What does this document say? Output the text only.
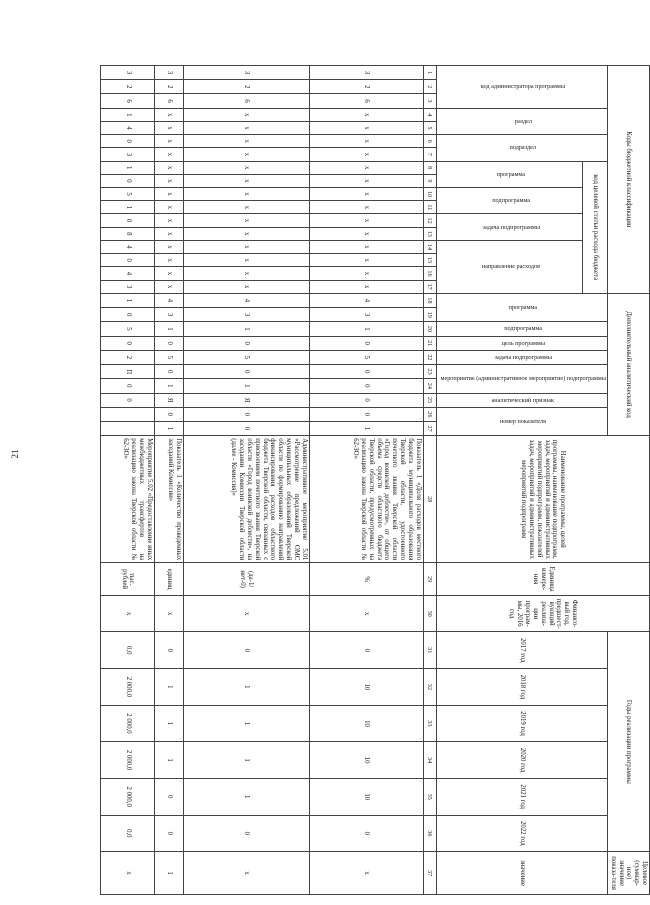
21
Коды бюджетной классификации																	Дополнительный аналитический код										Наименование программы, целей программы, наименование подпрограмм, задач, мероприятий и административных мероприятий подпрограмм, показателей задач, мероприятий и административных мероприятий подпрограмм	Единица измере-ния	Финансо-вый год, предшест-вующий реализа-ции програм-мы, 2016 год	Годы реализации программы						Целевое (суммар-ное) значение показа-теля
код администратора программы			раздел		подраздел		код целевой статьи расхода бюджета										программа		подпрограмма	цель программы	задача подпрограммы	мероприятие (административное мероприятие) подпрограммы		аналитический признак	номер показателя					2017 год	2018 год	2019 год	2020 год	2021 год	2022 год	значение
							программа		подпрограмма		задача подпрограммы		направление расходов																							
1	2	3	4	5	6	7	8	9	10	11	12	13	14	15	16	17	18	19	20	21	22	23	24	25	26	27	28	29	30	31	32	33	34	35	36	37
3	2	6	x	x	x	x	x	x	x	x	x	x	x	x	x	x	4	3	1	0	5	0	0	0	0	1	Показатель 1 «Доля расходов местного бюджета муниципального образования Тверской области, удостоенного почетного звания Тверской области «Город воинской доблести», от общего объема средств областного бюджета Тверской области, предусмотренных на реализацию закона Тверской области № 62-ЗО»	%	x	0	10	10	10	10	0	x
3	2	6	x	x	x	x	x	x	x	x	x	x	x	x	x	x	4	3	1	0	5	0	1	Я	0	0	Административное мероприятие 5.01 «Рассмотрение предложений ОМС муниципальных образований Тверской области по формированию направлений финансирования расходов областного бюджета Тверской области, связанных с присвоением почетного звания Тверской области «Город воинской доблести», на заседании Комиссии Тверской области (далее - Комиссия)»	(да-1/ нет-0)	x	0	1	1	1	1	0	x
3	2	6	x	x	x	x	x	x	x	x	x	x	x	x	x	x	4	3	1	0	5	0	1	Я	0	1	Показатель 1 «Количество проведенных заседаний Комиссии»	единиц	x	0	1	1	1	0	0	1
3	2	6	1	4	0	3	1	0	5	1	0	8	4	0	4	3	1	0	5	0	2	П	0	0			Мероприятие 5.02 «Предоставление иных межбюджетных трансфертов на реализацию закона Тверской области № 62-ЗО»	тыс. рублей	x	0,0	2 000,0	2 000,0	2 000,0	2 000,0	0,0	x
